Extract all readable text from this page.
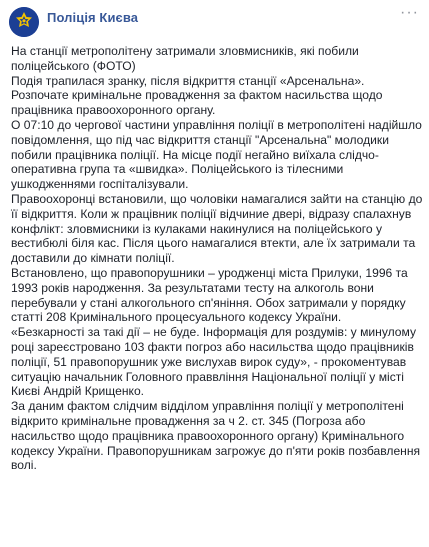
Поліція Києва	···

На станції метрополітену затримали зловмисників, які побили поліцейського (ФОТО)

Подія трапилася зранку, після відкриття станції «Арсенальна».

Розпочате кримінальне провадження за фактом насильства щодо працівника правоохоронного органу.

О 07:10 до чергової частини управління поліції в метрополітені надійшло повідомлення, що під час відкриття станції "Арсенальна" молодики побили працівника поліції. На місце події негайно виїхала слідчо-оперативна група та «швидка». Поліцейського із тілесними ушкодженнями госпіталізували.

Правоохоронці встановили, що чоловіки намагалися зайти на станцію до її відкриття. Коли ж працівник поліції відчиние двері, відразу спалахнув конфлікт: зловмисники із кулаками накинулися на поліцейського у вестибюлі біля кас. Після цього намагалися втекти, але їх затримали та доставили до кімнати поліції.

Встановлено, що правопорушники – уродженці міста Прилуки, 1996 та 1993 років народження. За результатами тесту на алкоголь вони перебували у стані алкогольного сп'яніння. Обох затримали у порядку статті 208 Кримінального процесуального кодексу України.

«Безкарності за такі дії – не буде. Інформація для роздумів: у минулому році зареєстровано 103 факти погроз або насильства щодо працівників поліції, 51 правопорушник уже вислухав вирок суду», - прокоментував ситуацію начальник Головного праввління Національної поліції у місті Києві Андрій Крищенко.

За даним фактом слідчим відділом управління поліції у метрополітені відкрито кримінальне провадження за ч 2. ст. 345 (Погроза або насильство щодо працівника правоохоронного органу) Кримінального кодексу України. Правопорушникам загрожує до п'яти років позбавлення волі.
